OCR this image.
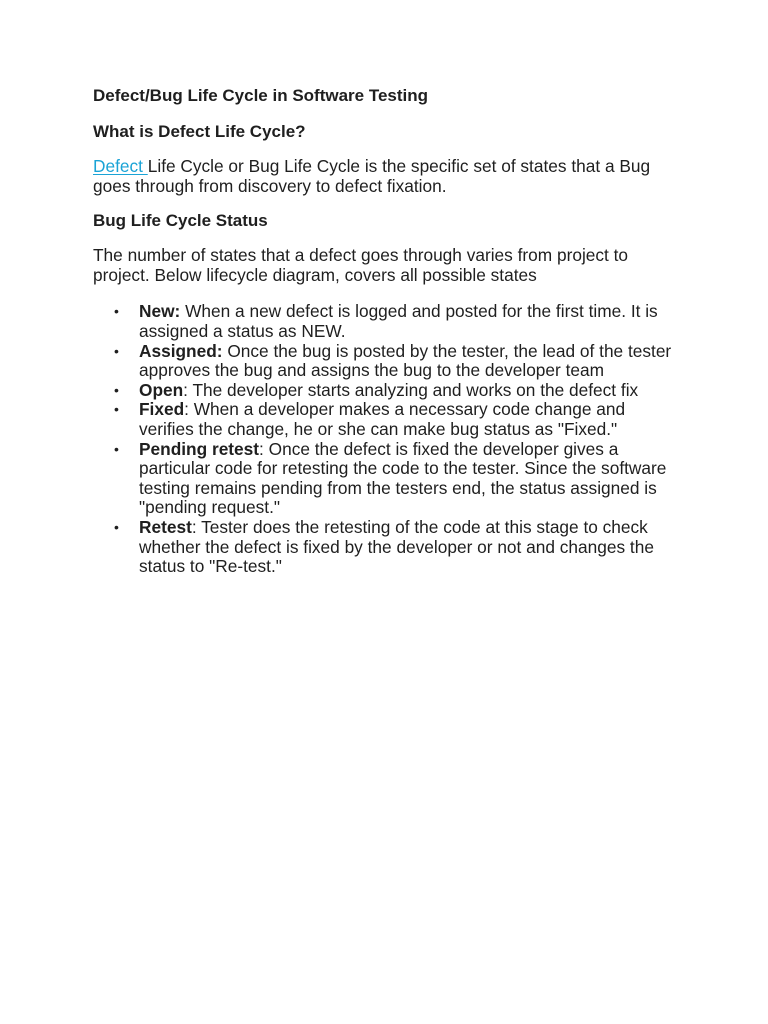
Defect/Bug Life Cycle in Software Testing

What is Defect Life Cycle?

Defect Life Cycle or Bug Life Cycle is the specific set of states that a Bug goes through from discovery to defect fixation.

Bug Life Cycle Status

The number of states that a defect goes through varies from project to project. Below lifecycle diagram, covers all possible states

• New: When a new defect is logged and posted for the first time. It is assigned a status as NEW.
• Assigned: Once the bug is posted by the tester, the lead of the tester approves the bug and assigns the bug to the developer team
• Open: The developer starts analyzing and works on the defect fix
• Fixed: When a developer makes a necessary code change and verifies the change, he or she can make bug status as "Fixed."
• Pending retest: Once the defect is fixed the developer gives a particular code for retesting the code to the tester. Since the software testing remains pending from the testers end, the status assigned is "pending request."
• Retest: Tester does the retesting of the code at this stage to check whether the defect is fixed by the developer or not and changes the status to "Re-test."
